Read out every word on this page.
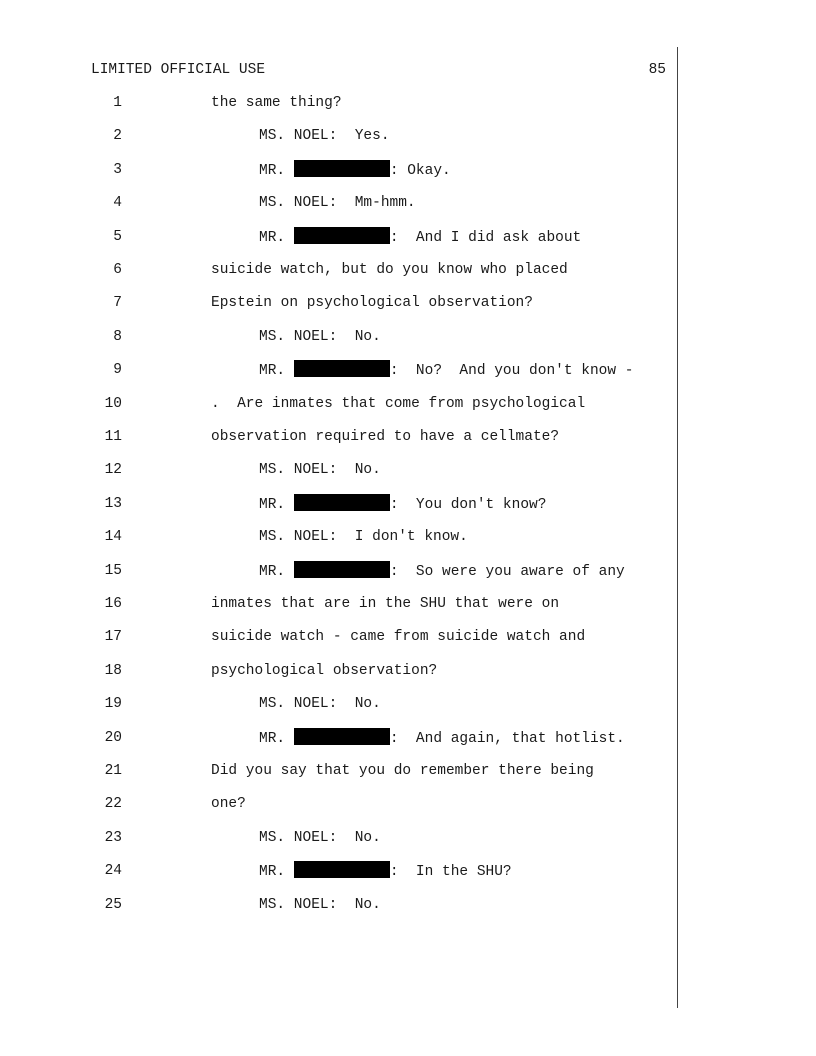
LIMITED OFFICIAL USE	85
1	the same thing?
2	MS. NOEL:  Yes.
3	MR.	: Okay.
4	MS. NOEL:  Mm-hmm.
5	MR.	:  And I did ask about
6	suicide watch, but do you know who placed
7	Epstein on psychological observation?
8	MS. NOEL:  No.
9	MR.	:  No?  And you don't know -
10	.  Are inmates that come from psychological
11	observation required to have a cellmate?
12	MS. NOEL:  No.
13	MR.	:  You don't know?
14	MS. NOEL:  I don't know.
15	MR.	:  So were you aware of any
16	inmates that are in the SHU that were on
17	suicide watch - came from suicide watch and
18	psychological observation?
19	MS. NOEL:  No.
20	MR.	:  And again, that hotlist.
21	Did you say that you do remember there being
22	one?
23	MS. NOEL:  No.
24	MR.	:  In the SHU?
25	MS. NOEL:  No.
